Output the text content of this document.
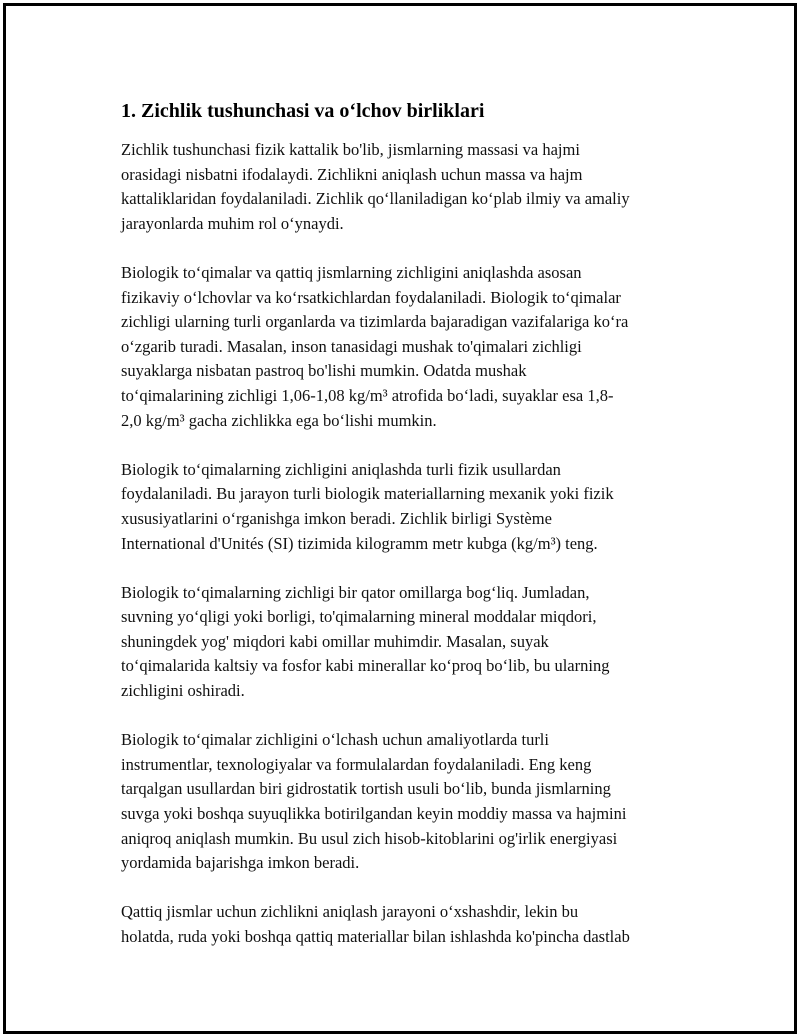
1. Zichlik tushunchasi va o‘lchov birliklari

Zichlik tushunchasi fizik kattalik bo'lib, jismlarning massasi va hajmi
orasidagi nisbatni ifodalaydi. Zichlikni aniqlash uchun massa va hajm
kattaliklaridan foydalaniladi. Zichlik qo‘llaniladigan ko‘plab ilmiy va amaliy
jarayonlarda muhim rol o‘ynaydi.

Biologik to‘qimalar va qattiq jismlarning zichligini aniqlashda asosan
fizikaviy o‘lchovlar va ko‘rsatkichlardan foydalaniladi. Biologik to‘qimalar
zichligi ularning turli organlarda va tizimlarda bajaradigan vazifalariga ko‘ra
o‘zgarib turadi. Masalan, inson tanasidagi mushak to'qimalari zichligi
suyaklarga nisbatan pastroq bo'lishi mumkin. Odatda mushak
to‘qimalarining zichligi 1,06-1,08 kg/m³ atrofida bo‘ladi, suyaklar esa 1,8-
2,0 kg/m³ gacha zichlikka ega bo‘lishi mumkin.

Biologik to‘qimalarning zichligini aniqlashda turli fizik usullardan
foydalaniladi. Bu jarayon turli biologik materiallarning mexanik yoki fizik
xususiyatlarini o‘rganishga imkon beradi. Zichlik birligi Système
International d'Unités (SI) tizimida kilogramm metr kubga (kg/m³) teng.

Biologik to‘qimalarning zichligi bir qator omillarga bog‘liq. Jumladan,
suvning yo‘qligi yoki borligi, to'qimalarning mineral moddalar miqdori,
shuningdek yog' miqdori kabi omillar muhimdir. Masalan, suyak
to‘qimalarida kaltsiy va fosfor kabi minerallar ko‘proq bo‘lib, bu ularning
zichligini oshiradi.

Biologik to‘qimalar zichligini o‘lchash uchun amaliyotlarda turli
instrumentlar, texnologiyalar va formulalardan foydalaniladi. Eng keng
tarqalgan usullardan biri gidrostatik tortish usuli bo‘lib, bunda jismlarning
suvga yoki boshqa suyuqlikka botirilgandan keyin moddiy massa va hajmini
aniqroq aniqlash mumkin. Bu usul zich hisob-kitoblarini og'irlik energiyasi
yordamida bajarishga imkon beradi.

Qattiq jismlar uchun zichlikni aniqlash jarayoni o‘xshashdir, lekin bu
holatda, ruda yoki boshqa qattiq materiallar bilan ishlashda ko'pincha dastlab
